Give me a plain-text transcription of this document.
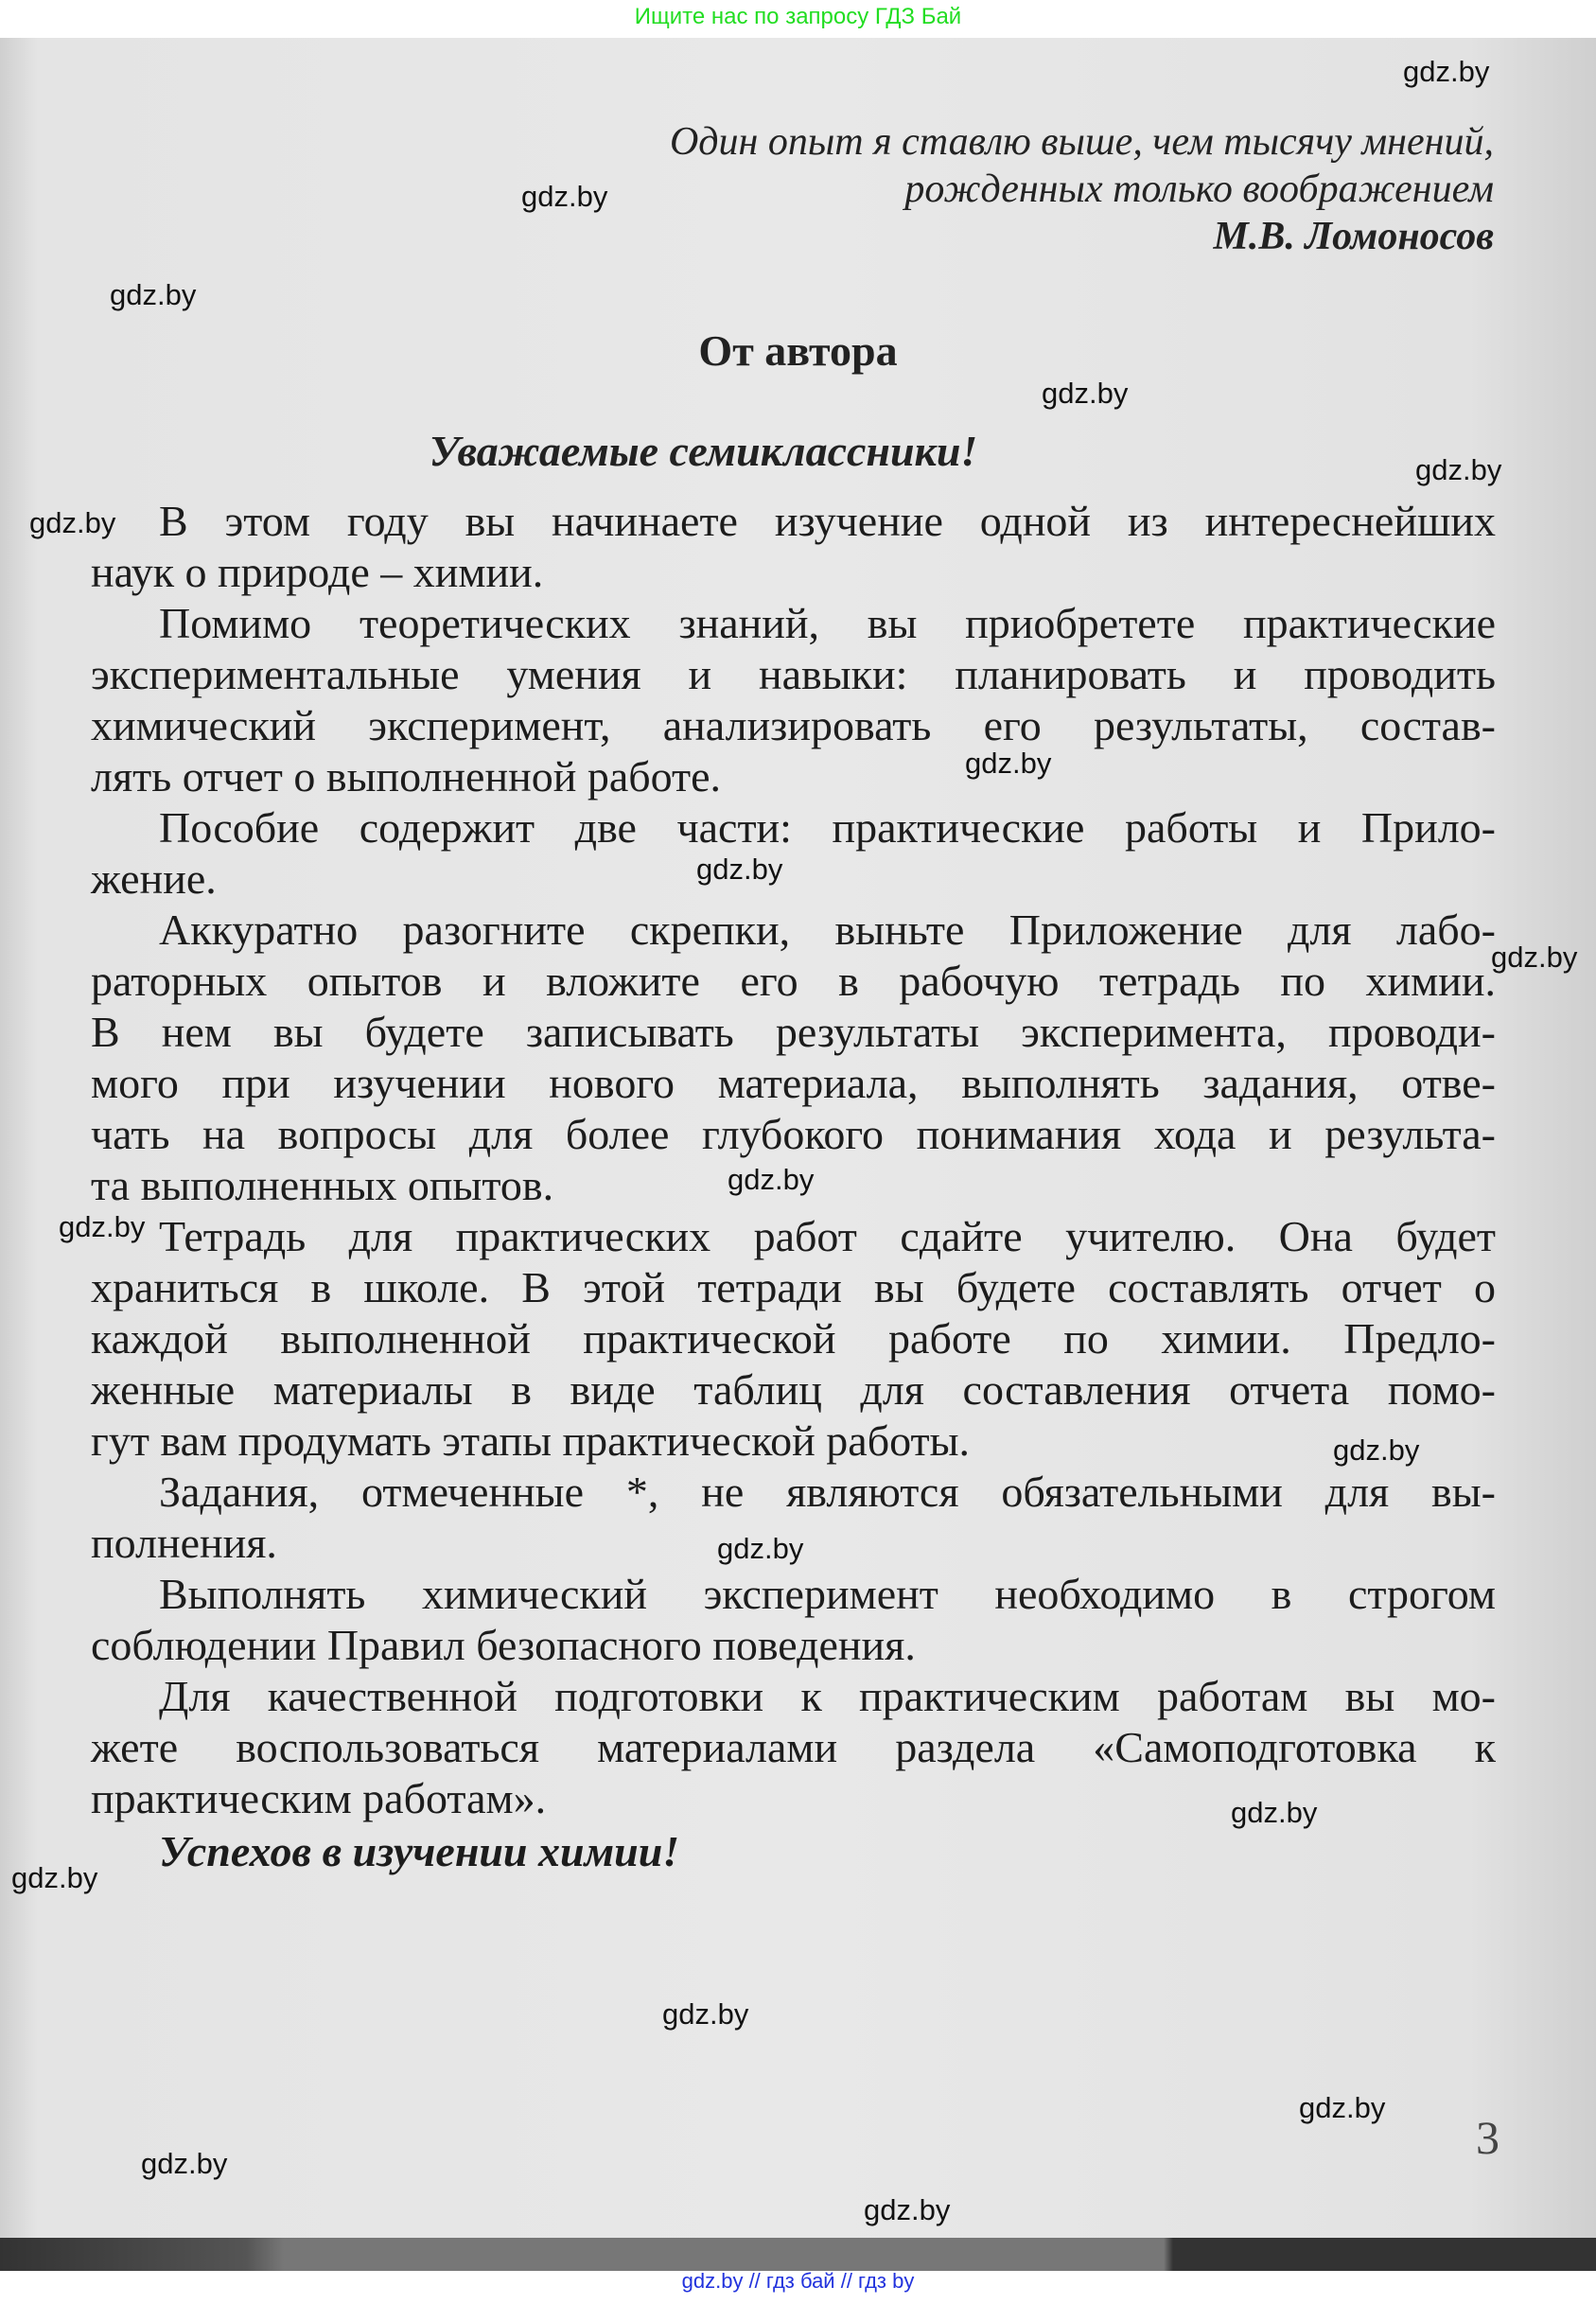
Ищите нас по запросу ГДЗ Бай
Один опыт я ставлю выше, чем тысячу мнений,
рожденных только воображением
М.В. Ломоносов
От автора
Уважаемые семиклассники!
В этом году вы начинаете изучение одной из интереснейших
наук о природе – химии.
Помимо теоретических знаний, вы приобретете практические
экспериментальные умения и навыки: планировать и проводить
химический эксперимент, анализировать его результаты, состав-
лять отчет о выполненной работе.
Пособие содержит две части: практические работы и Прило-
жение.
Аккуратно разогните скрепки, выньте Приложение для лабо-
раторных опытов и вложите его в рабочую тетрадь по химии.
В нем вы будете записывать результаты эксперимента, проводи-
мого при изучении нового материала, выполнять задания, отве-
чать на вопросы для более глубокого понимания хода и результа-
та выполненных опытов.
Тетрадь для практических работ сдайте учителю. Она будет
храниться в школе. В этой тетради вы будете составлять отчет о
каждой выполненной практической работе по химии. Предло-
женные материалы в виде таблиц для составления отчета помо-
гут вам продумать этапы практической работы.
Задания, отмеченные *, не являются обязательными для вы-
полнения.
Выполнять химический эксперимент необходимо в строгом
соблюдении Правил безопасного поведения.
Для качественной подготовки к практическим работам вы мо-
жете воспользоваться материалами раздела «Самоподготовка к
практическим работам».
Успехов в изучении химии!
3
gdz.by
gdz.by
gdz.by
gdz.by
gdz.by
gdz.by
gdz.by
gdz.by
gdz.by
gdz.by
gdz.by
gdz.by
gdz.by
gdz.by
gdz.by
gdz.by
gdz.by
gdz.by
gdz.by
gdz.by // гдз бай // гдз by
